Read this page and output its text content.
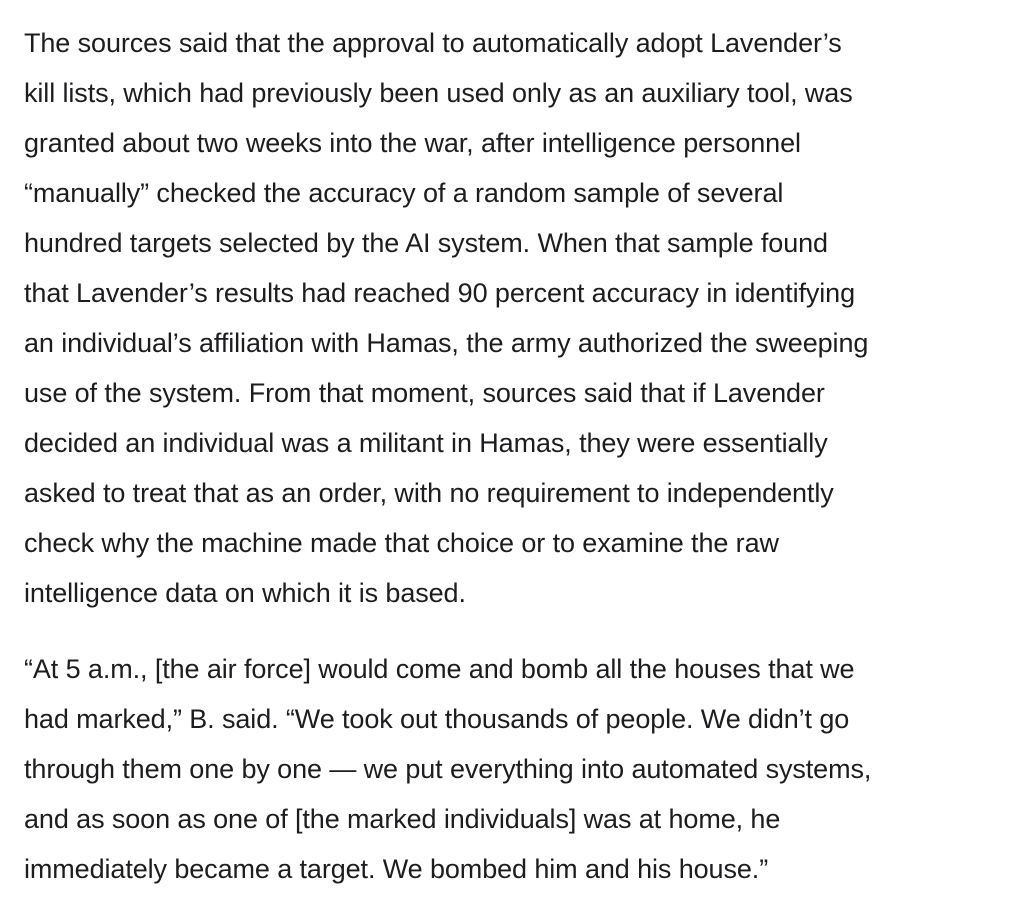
The sources said that the approval to automatically adopt Lavender’s
kill lists, which had previously been used only as an auxiliary tool, was
granted about two weeks into the war, after intelligence personnel
“manually” checked the accuracy of a random sample of several
hundred targets selected by the AI system. When that sample found
that Lavender’s results had reached 90 percent accuracy in identifying
an individual’s affiliation with Hamas, the army authorized the sweeping
use of the system. From that moment, sources said that if Lavender
decided an individual was a militant in Hamas, they were essentially
asked to treat that as an order, with no requirement to independently
check why the machine made that choice or to examine the raw
intelligence data on which it is based.

“At 5 a.m., [the air force] would come and bomb all the houses that we
had marked,” B. said. “We took out thousands of people. We didn’t go
through them one by one — we put everything into automated systems,
and as soon as one of [the marked individuals] was at home, he
immediately became a target. We bombed him and his house.”
